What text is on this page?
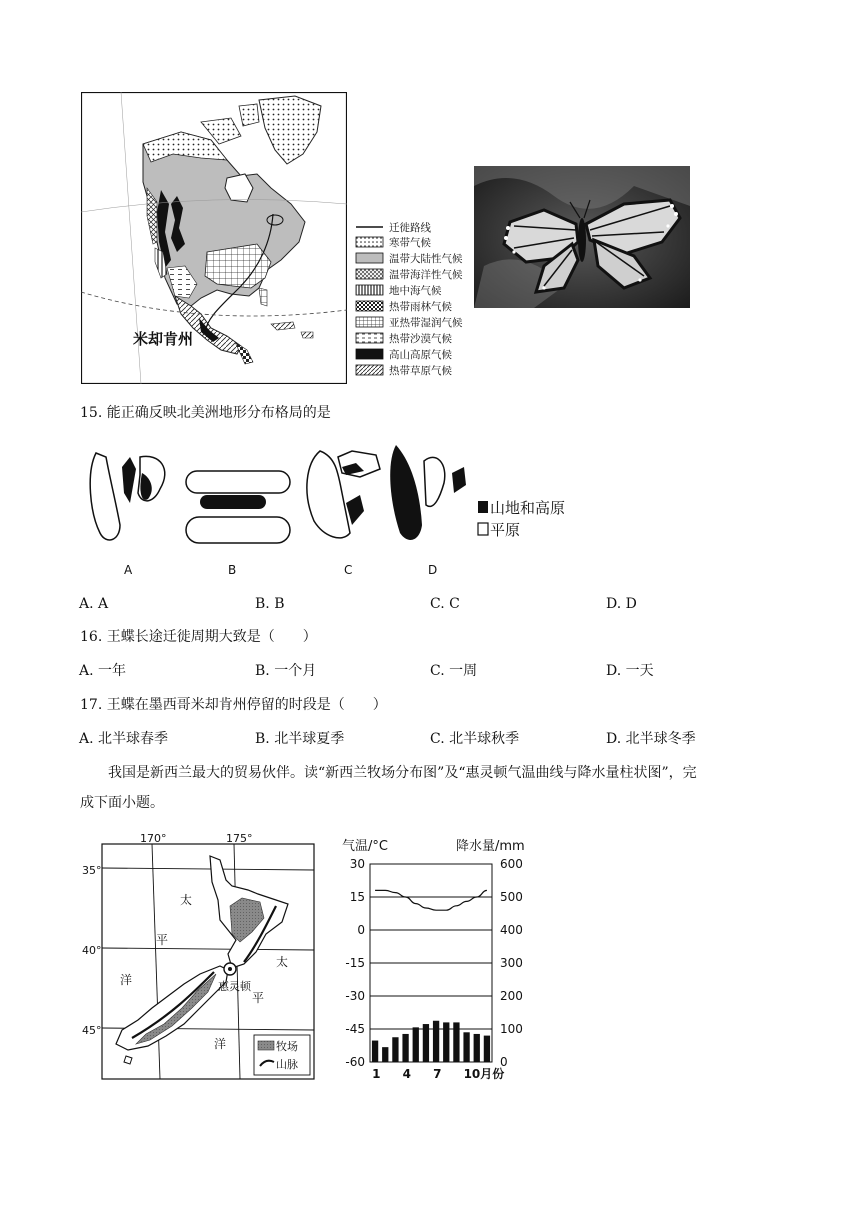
米却肯州
迁徙路线
寒带气候
温带大陆性气候
温带海洋性气候
地中海气候
热带雨林气候
亚热带湿润气候
热带沙漠气候
高山高原气候
热带草原气候
15. 能正确反映北美洲地形分布格局的是
山地和高原
平原
A	B	C	D
A. A	B. B	C. C	D. D
16. 王蝶长途迁徙周期大致是（　　）
A. 一年	B. 一个月	C. 一周	D. 一天
17. 王蝶在墨西哥米却肯州停留的时段是（　　）
A. 北半球春季	B. 北半球夏季	C. 北半球秋季	D. 北半球冬季
我国是新西兰最大的贸易伙伴。读“新西兰牧场分布图”及“惠灵顿气温曲线与降水量柱状图”，完
成下面小题。
惠灵顿
170°	175°
35°
40°
45°
太
平
洋
太
平
洋	牧场
山脉
气温/°C	降水量/mm
30
15
0
-15
-30
-45
-60
600
500
400
300
200
100
0
1 4 7 10月份
